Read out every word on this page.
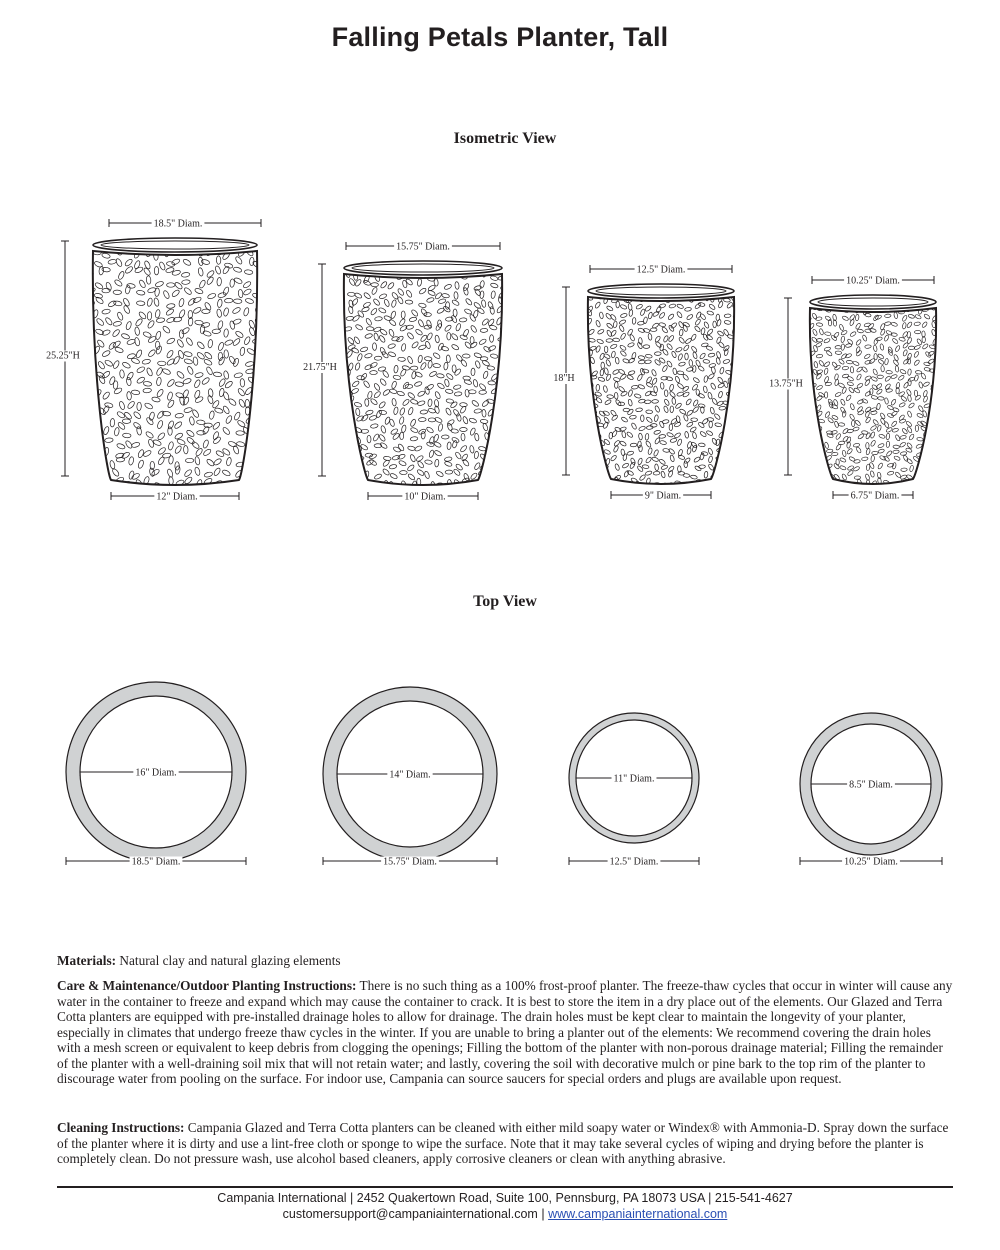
Falling Petals Planter, Tall
Isometric View
Top View
18.5" Diam.
25.25"H
12" Diam.
15.75" Diam.
21.75"H
10" Diam.
12.5" Diam.
18"H
9" Diam.
10.25" Diam.
13.75"H
6.75" Diam.
16" Diam.
18.5" Diam.
14" Diam.
15.75" Diam.
11" Diam.
12.5" Diam.
8.5" Diam.
10.25" Diam.
Materials: Natural clay and natural glazing elements
Care & Maintenance/Outdoor Planting Instructions: There is no such thing as a 100% frost-proof planter. The freeze-thaw cycles that occur in winter will cause any water in the container to freeze and expand which may cause the container to crack. It is best to store the item in a dry place out of the elements. Our Glazed and Terra Cotta planters are equipped with pre-installed drainage holes to allow for drainage. The drain holes must be kept clear to maintain the longevity of your planter, especially in climates that undergo freeze thaw cycles in the winter. If you are unable to bring a planter out of the elements: We recommend covering the drain holes with a mesh screen or equivalent to keep debris from clogging the openings; Filling the bottom of the planter with non-porous drainage material; Filling the remainder of the planter with a well-draining soil mix that will not retain water; and lastly, covering the soil with decorative mulch or pine bark to the top rim of the planter to discourage water from pooling on the surface. For indoor use, Campania can source saucers for special orders and plugs are available upon request.
Cleaning Instructions: Campania Glazed and Terra Cotta planters can be cleaned with either mild soapy water or Windex® with Ammonia-D. Spray down the surface of the planter where it is dirty and use a lint-free cloth or sponge to wipe the surface. Note that it may take several cycles of wiping and drying before the planter is completely clean. Do not pressure wash, use alcohol based cleaners, apply corrosive cleaners or clean with anything abrasive.
Campania International | 2452 Quakertown Road, Suite 100, Pennsburg, PA 18073 USA | 215-541-4627
customersupport@campaniainternational.com | www.campaniainternational.com
